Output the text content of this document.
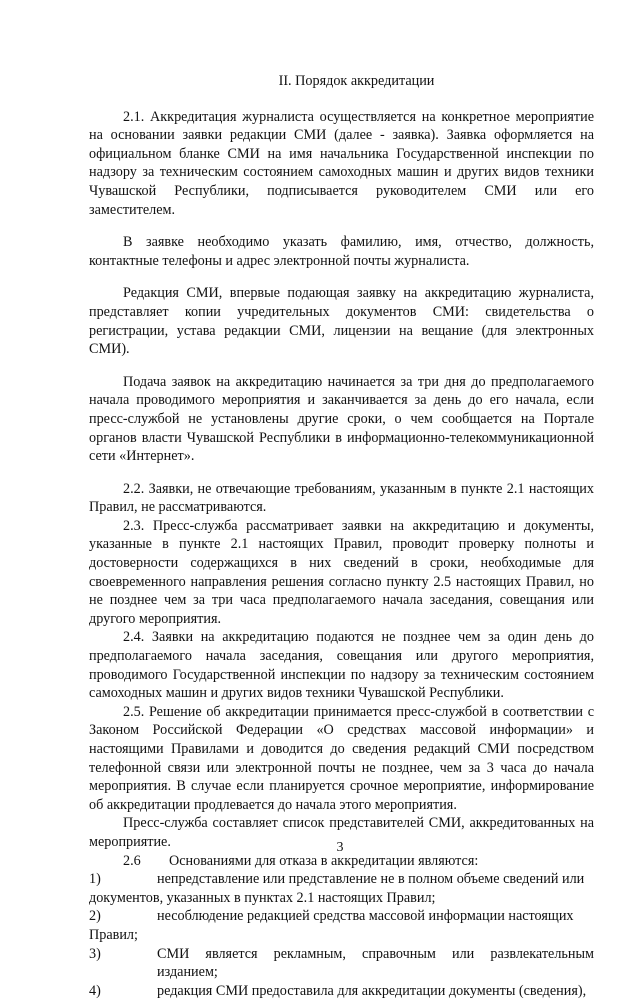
II. Порядок аккредитации

2.1. Аккредитация журналиста осуществляется на конкретное мероприятие на основании заявки редакции СМИ (далее - заявка). Заявка оформляется на официальном бланке СМИ на имя начальника Государственной инспекции по надзору за техническим состоянием самоходных машин и других видов техники Чувашской Республики, подписывается руководителем СМИ или его заместителем.

В заявке необходимо указать фамилию, имя, отчество, должность, контактные телефоны и адрес электронной почты журналиста.

Редакция СМИ, впервые подающая заявку на аккредитацию журналиста, представляет копии учредительных документов СМИ: свидетельства о регистрации, устава редакции СМИ, лицензии на вещание (для электронных СМИ).

Подача заявок на аккредитацию начинается за три дня до предполагаемого начала проводимого мероприятия и заканчивается за день до его начала, если пресс-службой не установлены другие сроки, о чем сообщается на Портале органов власти Чувашской Республики в информационно-телекоммуникационной сети «Интернет».

2.2. Заявки, не отвечающие требованиям, указанным в пункте 2.1 настоящих Правил, не рассматриваются.

2.3. Пресс-служба рассматривает заявки на аккредитацию и документы, указанные в пункте 2.1 настоящих Правил, проводит проверку полноты и достоверности содержащихся в них сведений в сроки, необходимые для своевременного направления решения согласно пункту 2.5 настоящих Правил, но не позднее чем за три часа предполагаемого начала заседания, совещания или другого мероприятия.

2.4. Заявки на аккредитацию подаются не позднее чем за один день до предполагаемого начала заседания, совещания или другого мероприятия, проводимого Государственной инспекции по надзору за техническим состоянием самоходных машин и других видов техники Чувашской Республики.

2.5. Решение об аккредитации принимается пресс-службой в соответствии с Законом Российской Федерации «О средствах массовой информации» и настоящими Правилами и доводится до сведения редакций СМИ посредством телефонной связи или электронной почты не позднее, чем за 3 часа до начала мероприятия. В случае если планируется срочное мероприятие, информирование об аккредитации продлевается до начала этого мероприятия.

Пресс-служба составляет список представителей СМИ, аккредитованных на мероприятие.

2.6	Основаниями для отказа в аккредитации являются:
1)	непредставление или представление не в полном объеме сведений или

документов, указанных в пунктах 2.1 настоящих Правил;

2)	несоблюдение редакцией средства массовой информации настоящих

Правил;

3)	СМИ является рекламным, справочным или развлекательным изданием;
4)	редакция СМИ предоставила для аккредитации документы (сведения),
3
